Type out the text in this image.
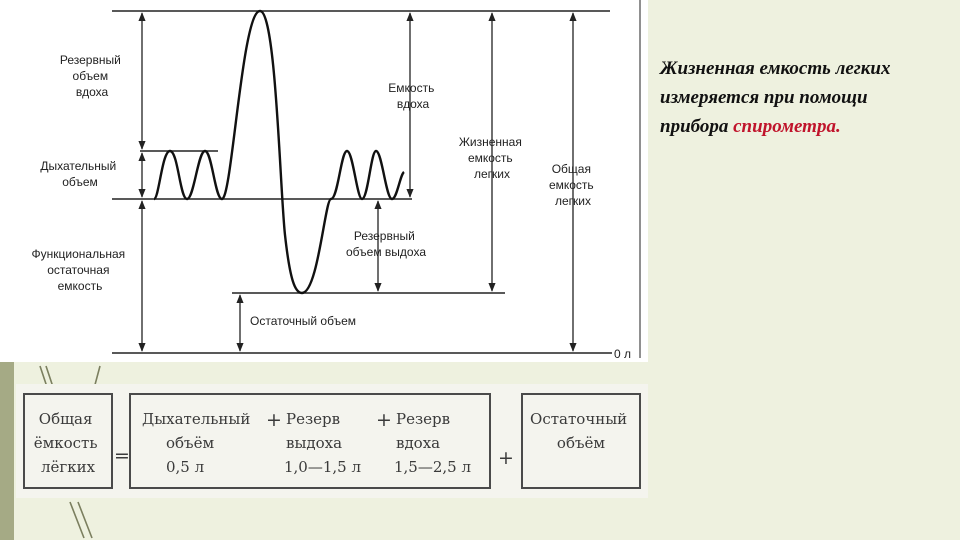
Резервный объем вдоха
Дыхательный объем
Функциональная остаточная емкость
Емкость вдоха
Резервный объем выдоха
Жизненная емкость легких	Общая емкость легких
Остаточный объем
0 л

Жизненная емкость легких
измеряется при помощи
прибора спирометра.

Общая ёмкость лёгких =
Дыхательный объём 0,5 л
+ Резерв выдоха 1,0—1,5 л
+ Резерв вдоха 1,5—2,5 л +
Остаточный объём
